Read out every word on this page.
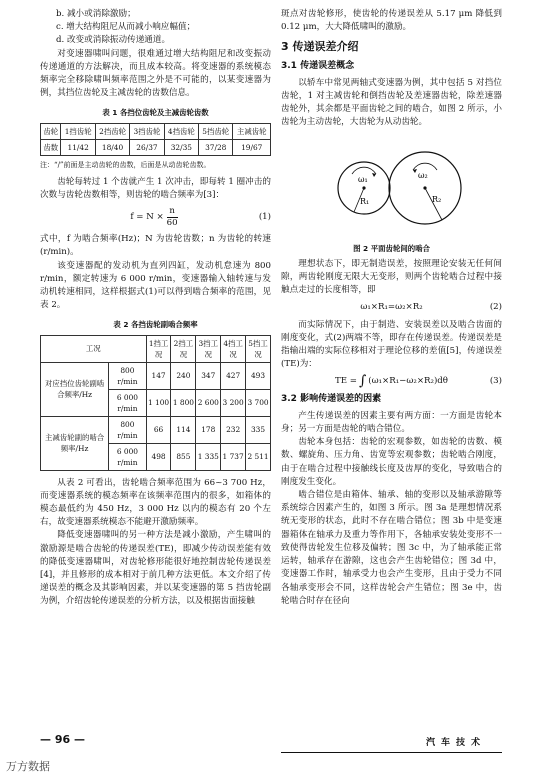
b. 减小或消除激励；
c. 增大结构阻尼从而减小响应幅值；
d. 改变或消除振动传递通道。

对变速器啸叫问题，很难通过增大结构阻尼和改变振动传递通道的方法解决，而且成本较高。将变速器的系统模态频率完全移除啸叫频率范围之外是不可能的，以某变速器为例，其挡位齿轮及主减齿轮的齿数信息。

表 1 各挡位齿轮及主减齿轮齿数
齿轮	1挡齿轮	2挡齿轮	3挡齿轮	4挡齿轮	5挡齿轮	主减齿轮
齿数	11/42	18/40	26/37	32/35	37/28	19/67
注：“/”前面是主动齿轮的齿数，后面是从动齿轮齿数。

齿轮每转过 1 个齿就产生 1 次冲击，即每转 1 圈冲击的次数与齿轮齿数相等，则齿轮的啮合频率为[3]：

$f = N \times \frac{n}{60}$	(1)

式中，f 为啮合频率(Hz)；N 为齿轮齿数；n 为齿轮的转速(r/min)。

该变速器配的发动机为直列四缸，发动机怠速为 800 r/min，额定转速为 6 000 r/min，变速器输入轴转速与发动机转速相同，这样根据式(1)可以得到啮合频率的范围，见表 2。

表 2 各挡齿轮副啮合频率
工况		1挡工况	2挡工况	3挡工况	4挡工况	5挡工况
对应挡位齿轮副啮合频率/Hz	800 r/min	147	240	347	427	493
	6 000 r/min	1 100	1 800	2 600	3 200	3 700
主减齿轮副的啮合频率/Hz	800 r/min	66	114	178	232	335
	6 000 r/min	498	855	1 335	1 737	2 511

从表 2 可看出，齿轮啮合频率范围为 66~3 700 Hz，而变速器系统的模态频率在该频率范围内的很多，如箱体的模态最低约为 450 Hz，3 000 Hz 以内的模态有 20 个左右，故变速器系统模态不能避开激励频率。

降低变速器啸叫的另一种方法是减小激励，产生啸叫的激励源是啮合齿轮的传递误差(TE)，即减少传动误差能有效的降低变速器啸叫，对齿轮修形能很好地控制齿轮传递误差[4]，并且修形的成本相对于前几种方法更低。本文介绍了传递误差的概念及其影响因素，并以某变速器的第 5 挡齿轮副为例，介绍齿轮传递误差的分析方法，以及根据齿面接触

斑点对齿轮修形，使齿轮的传递误差从 5.17 μm 降低到 0.12 μm，大大降低啸叫的激励。

3 传递误差介绍
3.1 传递误差概念

以轿车中常见两轴式变速器为例，其中包括 5 对挡位齿轮，1 对主减齿轮和倒挡齿轮及差速器齿轮，除差速器齿轮外，其余都是平面齿轮之间的啮合，如图 2 所示，小齿轮为主动齿轮，大齿轮为从动齿轮。

ω₁	ω₂
R₁	R₂
图 2 平面齿轮间的啮合

理想状态下，即无制造误差，按照理论安装无任何间隙，两齿轮刚度无限大无变形，则两个齿轮啮合过程中接触点走过的长度相等，即

ω₁×R₁=ω₂×R₂	(2)

而实际情况下，由于制造、安装误差以及啮合齿面的刚度变化，式(2)两端不等，即存在传递误差。传递误差是指输出端的实际位移相对于理论位移的差值[5]，传递误差(TE)为：

TE = ∫ (ω₁×R₁−ω₂×R₂)dθ	(3)
3.2 影响传递误差的因素

产生传递误差的因素主要有两方面：一方面是齿轮本身；另一方面是齿轮的啮合错位。

齿轮本身包括：齿轮的宏观参数，如齿轮的齿数、模数、螺旋角、压力角、齿宽等宏观参数；齿轮啮合刚度，由于在啮合过程中接触线长度及齿厚的变化，导致啮合的刚度发生变化。

啮合错位是由箱体、轴承、轴的变形以及轴承游隙等系统综合因素产生的，如图 3 所示。图 3a 是理想情况系统无变形的状态，此时不存在啮合错位；图 3b 中是变速器箱体在轴承力及重力等作用下，各轴承安装处变形不一致使得齿轮发生位移及偏转；图 3c 中，为了轴承能正常运转，轴承存在游隙，这也会产生齿轮错位；图 3d 中，变速器工作时，轴承受力也会产生变形，且由于受力不同各轴承变形会不同，这样齿轮会产生错位；图 3e 中，齿轮啮合时存在径向

— 96 —	汽车技术
万方数据
